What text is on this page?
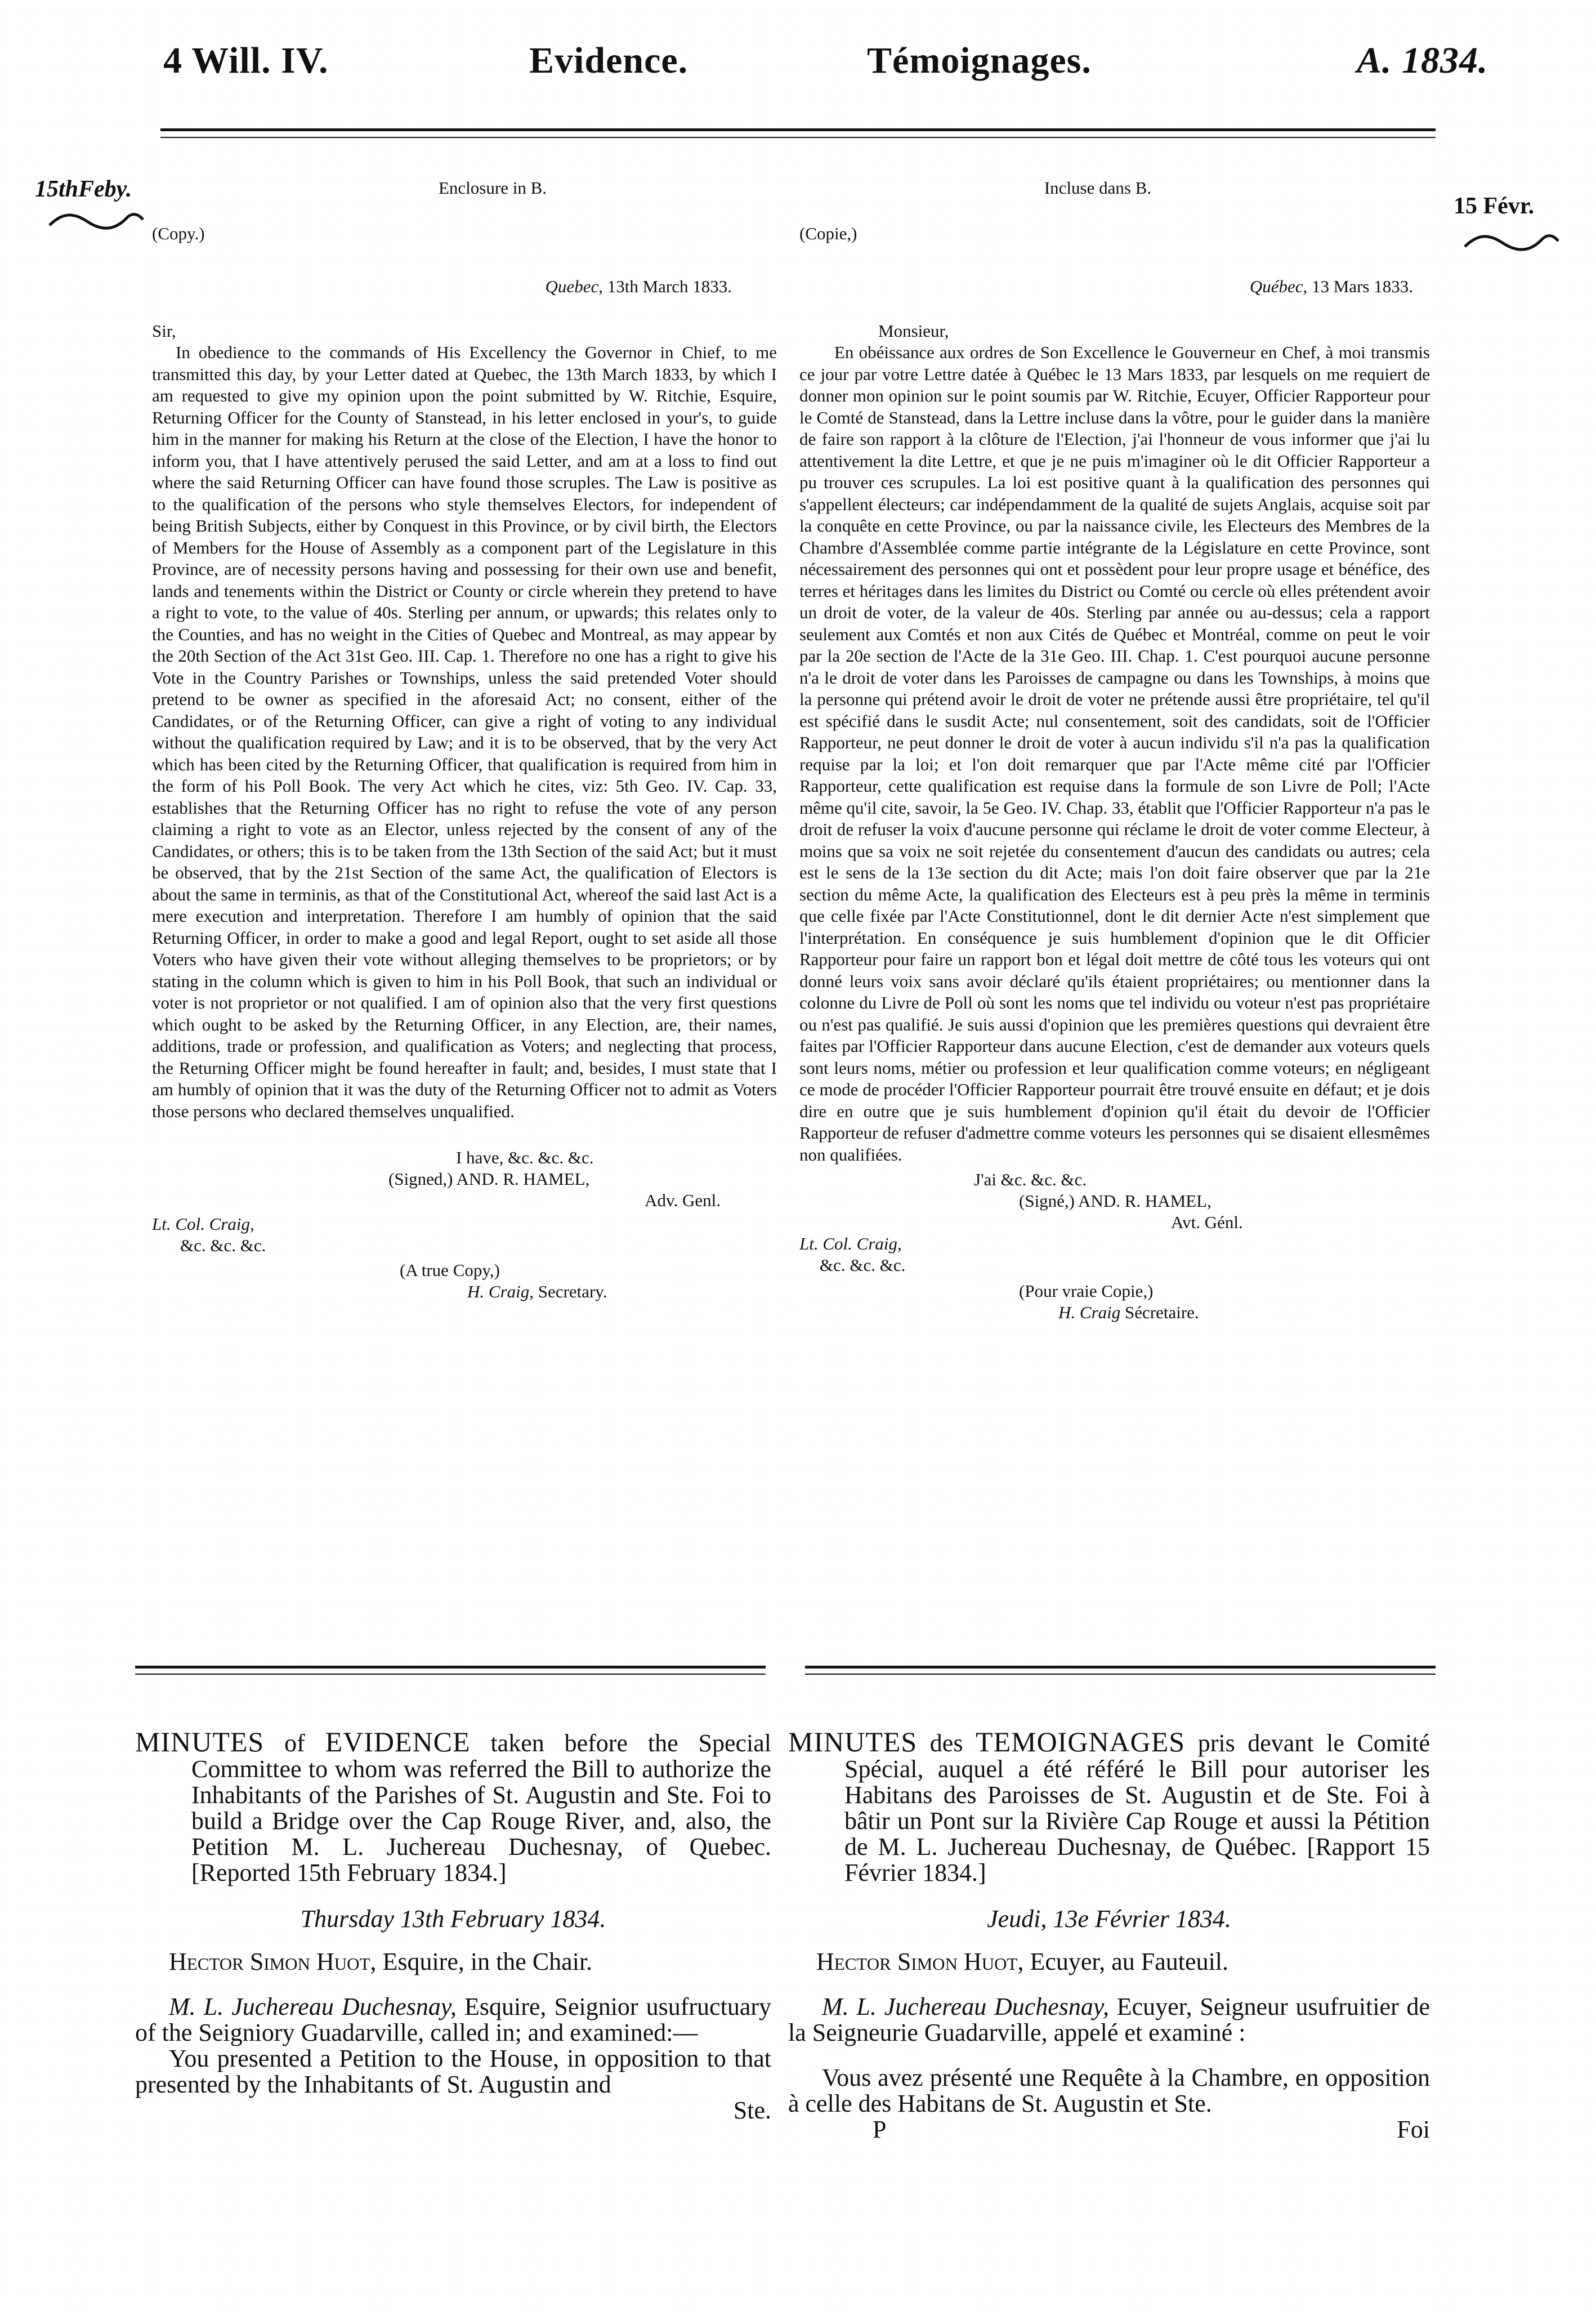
4 Will. IV.	Evidence.	Témoignages.	A. 1834.
15thFeby.
15 Févr.
Enclosure in B.
(Copy.)
Quebec, 13th March 1833.
Sir,

In obedience to the commands of His Excellency the Governor in Chief, to me transmitted this day, by your Letter dated at Quebec, the 13th March 1833, by which I am requested to give my opinion upon the point submitted by W. Ritchie, Esquire, Returning Officer for the County of Stanstead, in his letter enclosed in your's, to guide him in the manner for making his Return at the close of the Election, I have the honor to inform you, that I have attentively perused the said Letter, and am at a loss to find out where the said Returning Officer can have found those scruples. The Law is positive as to the qualification of the persons who style themselves Electors, for independent of being British Subjects, either by Conquest in this Province, or by civil birth, the Electors of Members for the House of Assembly as a component part of the Legislature in this Province, are of necessity persons having and possessing for their own use and benefit, lands and tenements within the District or County or circle wherein they pretend to have a right to vote, to the value of 40s. Sterling per annum, or upwards; this relates only to the Counties, and has no weight in the Cities of Quebec and Montreal, as may appear by the 20th Section of the Act 31st Geo. III. Cap. 1. Therefore no one has a right to give his Vote in the Country Parishes or Townships, unless the said pretended Voter should pretend to be owner as specified in the aforesaid Act; no consent, either of the Candidates, or of the Returning Officer, can give a right of voting to any individual without the qualification required by Law; and it is to be observed, that by the very Act which has been cited by the Returning Officer, that qualification is required from him in the form of his Poll Book. The very Act which he cites, viz: 5th Geo. IV. Cap. 33, establishes that the Returning Officer has no right to refuse the vote of any person claiming a right to vote as an Elector, unless rejected by the consent of any of the Candidates, or others; this is to be taken from the 13th Section of the said Act; but it must be observed, that by the 21st Section of the same Act, the qualification of Electors is about the same in terminis, as that of the Constitutional Act, whereof the said last Act is a mere execution and interpretation. Therefore I am humbly of opinion that the said Returning Officer, in order to make a good and legal Report, ought to set aside all those Voters who have given their vote without alleging themselves to be proprietors; or by stating in the column which is given to him in his Poll Book, that such an individual or voter is not proprietor or not qualified. I am of opinion also that the very first questions which ought to be asked by the Returning Officer, in any Election, are, their names, additions, trade or profession, and qualification as Voters; and neglecting that process, the Returning Officer might be found hereafter in fault; and, besides, I must state that I am humbly of opinion that it was the duty of the Returning Officer not to admit as Voters those persons who declared themselves unqualified.

I have, &c. &c. &c.
(Signed,) AND. R. HAMEL,
Adv. Genl.
Lt. Col. Craig,
&c. &c. &c.
(A true Copy,)
H. Craig, Secretary.
Incluse dans B.
(Copie,)
Québec, 13 Mars 1833.
Monsieur,

En obéissance aux ordres de Son Excellence le Gouverneur en Chef, à moi transmis ce jour par votre Lettre datée à Québec le 13 Mars 1833, par lesquels on me requiert de donner mon opinion sur le point soumis par W. Ritchie, Ecuyer, Officier Rapporteur pour le Comté de Stanstead, dans la Lettre incluse dans la vôtre, pour le guider dans la manière de faire son rapport à la clôture de l'Election, j'ai l'honneur de vous informer que j'ai lu attentivement la dite Lettre, et que je ne puis m'imaginer où le dit Officier Rapporteur a pu trouver ces scrupules. La loi est positive quant à la qualification des personnes qui s'appellent électeurs; car indépendamment de la qualité de sujets Anglais, acquise soit par la conquête en cette Province, ou par la naissance civile, les Electeurs des Membres de la Chambre d'Assemblée comme partie intégrante de la Législature en cette Province, sont nécessairement des personnes qui ont et possèdent pour leur propre usage et bénéfice, des terres et héritages dans les limites du District ou Comté ou cercle où elles prétendent avoir un droit de voter, de la valeur de 40s. Sterling par année ou au-dessus; cela a rapport seulement aux Comtés et non aux Cités de Québec et Montréal, comme on peut le voir par la 20e section de l'Acte de la 31e Geo. III. Chap. 1. C'est pourquoi aucune personne n'a le droit de voter dans les Paroisses de campagne ou dans les Townships, à moins que la personne qui prétend avoir le droit de voter ne prétende aussi être propriétaire, tel qu'il est spécifié dans le susdit Acte; nul consentement, soit des candidats, soit de l'Officier Rapporteur, ne peut donner le droit de voter à aucun individu s'il n'a pas la qualification requise par la loi; et l'on doit remarquer que par l'Acte même cité par l'Officier Rapporteur, cette qualification est requise dans la formule de son Livre de Poll; l'Acte même qu'il cite, savoir, la 5e Geo. IV. Chap. 33, établit que l'Officier Rapporteur n'a pas le droit de refuser la voix d'aucune personne qui réclame le droit de voter comme Electeur, à moins que sa voix ne soit rejetée du consentement d'aucun des candidats ou autres; cela est le sens de la 13e section du dit Acte; mais l'on doit faire observer que par la 21e section du même Acte, la qualification des Electeurs est à peu près la même in terminis que celle fixée par l'Acte Constitutionnel, dont le dit dernier Acte n'est simplement que l'interprétation. En conséquence je suis humblement d'opinion que le dit Officier Rapporteur pour faire un rapport bon et légal doit mettre de côté tous les voteurs qui ont donné leurs voix sans avoir déclaré qu'ils étaient propriétaires; ou mentionner dans la colonne du Livre de Poll où sont les noms que tel individu ou voteur n'est pas propriétaire ou n'est pas qualifié. Je suis aussi d'opinion que les premières questions qui devraient être faites par l'Officier Rapporteur dans aucune Election, c'est de demander aux voteurs quels sont leurs noms, métier ou profession et leur qualification comme voteurs; en négligeant ce mode de procéder l'Officier Rapporteur pourrait être trouvé ensuite en défaut; et je dois dire en outre que je suis humblement d'opinion qu'il était du devoir de l'Officier Rapporteur de refuser d'admettre comme voteurs les personnes qui se disaient ellesmêmes non qualifiées.

J'ai &c. &c. &c.
(Signé,) AND. R. HAMEL,
Avt. Génl.
Lt. Col. Craig,
&c. &c. &c.
(Pour vraie Copie,)
H. Craig Sécretaire.

MINUTES of EVIDENCE taken before the Special Committee to whom was referred the Bill to authorize the Inhabitants of the Parishes of St. Augustin and Ste. Foi to build a Bridge over the Cap Rouge River, and, also, the Petition M. L. Juchereau Duchesnay, of Quebec. [Reported 15th February 1834.]

Thursday 13th February 1834.
Hector Simon Huot, Esquire, in the Chair.

M. L. Juchereau Duchesnay, Esquire, Seignior usufructuary of the Seigniory Guadarville, called in; and examined:—

You presented a Petition to the House, in opposition to that presented by the Inhabitants of St. Augustin and

Ste.

MINUTES des TEMOIGNAGES pris devant le Comité Spécial, auquel a été référé le Bill pour autoriser les Habitans des Paroisses de St. Augustin et de Ste. Foi à bâtir un Pont sur la Rivière Cap Rouge et aussi la Pétition de M. L. Juchereau Duchesnay, de Québec. [Rapport 15 Février 1834.]

Jeudi, 13e Février 1834.
Hector Simon Huot, Ecuyer, au Fauteuil.

M. L. Juchereau Duchesnay, Ecuyer, Seigneur usufruitier de la Seigneurie Guadarville, appelé et examiné :

Vous avez présenté une Requête à la Chambre, en opposition à celle des Habitans de St. Augustin et Ste.

P	Foi
